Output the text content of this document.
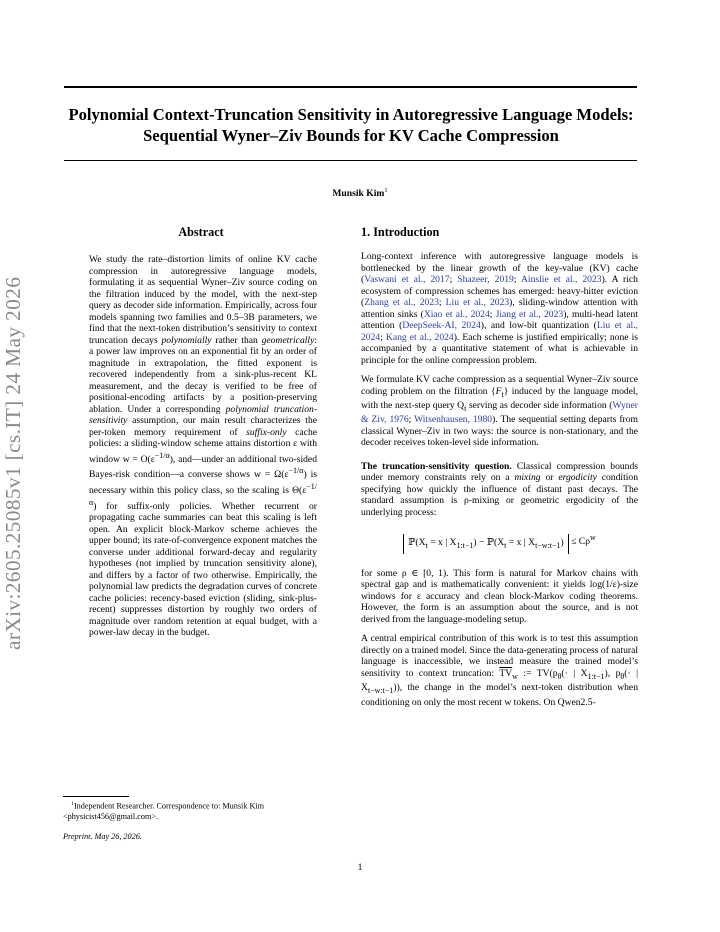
arXiv:2605.25085v1 [cs.IT] 24 May 2026
Polynomial Context-Truncation Sensitivity in Autoregressive Language Models:
Sequential Wyner–Ziv Bounds for KV Cache Compression
Munsik Kim$^1$
Abstract
We study the rate–distortion limits of online KV cache compression in autoregressive language models, formulating it as sequential Wyner–Ziv source coding on the filtration induced by the model, with the next-step query as decoder side information. Empirically, across four models spanning two families and 0.5–3B parameters, we find that the next-token distribution’s sensitivity to context truncation decays polynomially rather than geometrically: a power law improves on an exponential fit by an order of magnitude in extrapolation, the fitted exponent is recovered independently from a sink-plus-recent KL measurement, and the decay is verified to be free of positional-encoding artifacts by a position-preserving ablation. Under a corresponding polynomial truncation-sensitivity assumption, our main result characterizes the per-token memory requirement of suffix-only cache policies: a sliding-window scheme attains distortion ε with window $w = O(\varepsilon^{-1/\alpha})$, and—under an additional two-sided Bayes-risk condition—a converse shows $w = \Omega(\varepsilon^{-1/\alpha})$ is necessary within this policy class, so the scaling is $\Theta(\varepsilon^{-1/\alpha})$ for suffix-only policies. Whether recurrent or propagating cache summaries can beat this scaling is left open. An explicit block-Markov scheme achieves the upper bound; its rate-of-convergence exponent matches the converse under additional forward-decay and regularity hypotheses (not implied by truncation sensitivity alone), and differs by a factor of two otherwise. Empirically, the polynomial law predicts the degradation curves of concrete cache policies: recency-based eviction (sliding, sink-plus-recent) suppresses distortion by roughly two orders of magnitude over random retention at equal budget, with a power-law decay in the budget.
$^1$Independent Researcher. Correspondence to: Munsik Kim <physicist456@gmail.com>.
Preprint. May 26, 2026.
1. Introduction

Long-context inference with autoregressive language models is bottlenecked by the linear growth of the key-value (KV) cache (Vaswani et al., 2017; Shazeer, 2019; Ainslie et al., 2023). A rich ecosystem of compression schemes has emerged: heavy-hitter eviction (Zhang et al., 2023; Liu et al., 2023), sliding-window attention with attention sinks (Xiao et al., 2024; Jiang et al., 2023), multi-head latent attention (DeepSeek-AI, 2024), and low-bit quantization (Liu et al., 2024; Kang et al., 2024). Each scheme is justified empirically; none is accompanied by a quantitative statement of what is achievable in principle for the online compression problem.

We formulate KV cache compression as a sequential Wyner–Ziv source coding problem on the filtration $\{F_t\}$ induced by the language model, with the next-step query $Q_t$ serving as decoder side information (Wyner & Ziv, 1976; Witsenhausen, 1980). The sequential setting departs from classical Wyner–Ziv in two ways: the source is non-stationary, and the decoder receives token-level side information.

The truncation-sensitivity question. Classical compression bounds under memory constraints rely on a mixing or ergodicity condition specifying how quickly the influence of distant past decays. The standard assumption is ρ-mixing or geometric ergodicity of the underlying process:

$ℙ(X_t = x$ | $X_{1:t-1}$) − $ℙ(X_t = x$ | $X_{t-w:t-1}) \le C\rho^w$

for some ρ ∈ [0, 1). This form is natural for Markov chains with spectral gap and is mathematically convenient: it yields log(1/ε)-size windows for ε accuracy and clean block-Markov coding theorems. However, the form is an assumption about the source, and is not derived from the language-modeling setup.

A central empirical contribution of this work is to test this assumption directly on a trained model. Since the data-generating process of natural language is inaccessible, we instead measure the trained model’s sensitivity to context truncation: $\overline{TV}_w$ := $TV(p_\theta(\cdot$ | $X_{1:t-1}$), $p_\theta(\cdot$ | $X_{t-w:t-1}$)), the change in the model’s next-token distribution when conditioning on only the most recent w tokens. On Qwen2.5-

1
